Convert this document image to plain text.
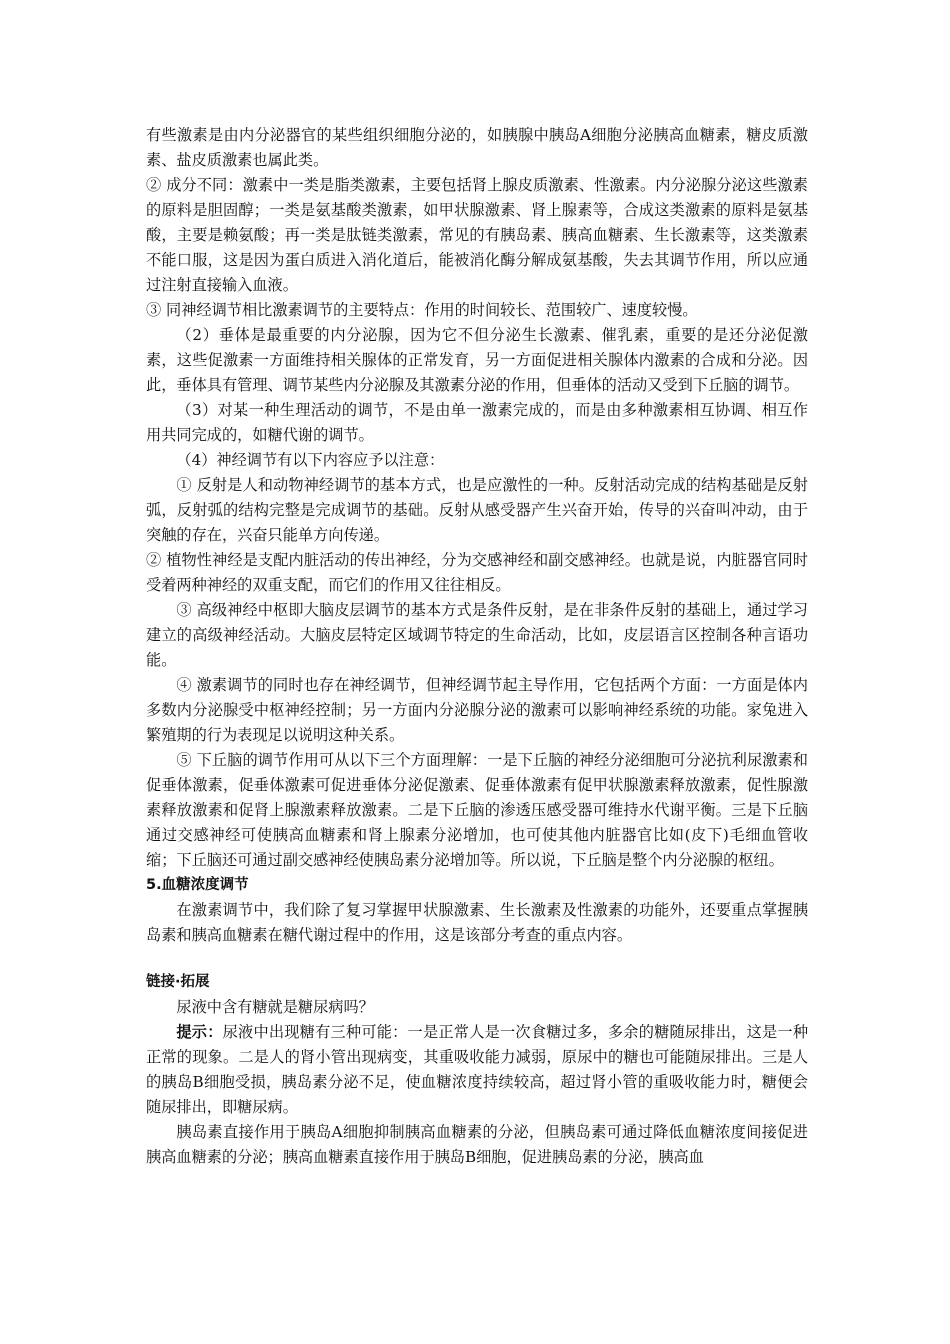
有些激素是由内分泌器官的某些组织细胞分泌的，如胰腺中胰岛A细胞分泌胰高血糖素，糖皮质激素、盐皮质激素也属此类。

② 成分不同：激素中一类是脂类激素，主要包括肾上腺皮质激素、性激素。内分泌腺分泌这些激素的原料是胆固醇；一类是氨基酸类激素，如甲状腺激素、肾上腺素等，合成这类激素的原料是氨基酸，主要是赖氨酸；再一类是肽链类激素，常见的有胰岛素、胰高血糖素、生长激素等，这类激素不能口服，这是因为蛋白质进入消化道后，能被消化酶分解成氨基酸，失去其调节作用，所以应通过注射直接输入血液。

③ 同神经调节相比激素调节的主要特点：作用的时间较长、范围较广、速度较慢。

（2）垂体是最重要的内分泌腺，因为它不但分泌生长激素、催乳素，重要的是还分泌促激素，这些促激素一方面维持相关腺体的正常发育，另一方面促进相关腺体内激素的合成和分泌。因此，垂体具有管理、调节某些内分泌腺及其激素分泌的作用，但垂体的活动又受到下丘脑的调节。

（3）对某一种生理活动的调节，不是由单一激素完成的，而是由多种激素相互协调、相互作用共同完成的，如糖代谢的调节。

（4）神经调节有以下内容应予以注意：

① 反射是人和动物神经调节的基本方式，也是应激性的一种。反射活动完成的结构基础是反射弧，反射弧的结构完整是完成调节的基础。反射从感受器产生兴奋开始，传导的兴奋叫冲动，由于突触的存在，兴奋只能单方向传递。

② 植物性神经是支配内脏活动的传出神经，分为交感神经和副交感神经。也就是说，内脏器官同时受着两种神经的双重支配，而它们的作用又往往相反。

③ 高级神经中枢即大脑皮层调节的基本方式是条件反射，是在非条件反射的基础上，通过学习建立的高级神经活动。大脑皮层特定区域调节特定的生命活动，比如，皮层语言区控制各种言语功能。

④ 激素调节的同时也存在神经调节，但神经调节起主导作用，它包括两个方面：一方面是体内多数内分泌腺受中枢神经控制；另一方面内分泌腺分泌的激素可以影响神经系统的功能。家兔进入繁殖期的行为表现足以说明这种关系。

⑤ 下丘脑的调节作用可从以下三个方面理解：一是下丘脑的神经分泌细胞可分泌抗利尿激素和促垂体激素，促垂体激素可促进垂体分泌促激素、促垂体激素有促甲状腺激素释放激素，促性腺激素释放激素和促肾上腺激素释放激素。二是下丘脑的渗透压感受器可维持水代谢平衡。三是下丘脑通过交感神经可使胰高血糖素和肾上腺素分泌增加，也可使其他内脏器官比如(皮下)毛细血管收缩；下丘脑还可通过副交感神经使胰岛素分泌增加等。所以说，下丘脑是整个内分泌腺的枢纽。

5.血糖浓度调节

在激素调节中，我们除了复习掌握甲状腺激素、生长激素及性激素的功能外，还要重点掌握胰岛素和胰高血糖素在糖代谢过程中的作用，这是该部分考查的重点内容。

链接·拓展

尿液中含有糖就是糖尿病吗？

提示：尿液中出现糖有三种可能：一是正常人是一次食糖过多，多余的糖随尿排出，这是一种正常的现象。二是人的肾小管出现病变，其重吸收能力减弱，原尿中的糖也可能随尿排出。三是人的胰岛B细胞受损，胰岛素分泌不足，使血糖浓度持续较高，超过肾小管的重吸收能力时，糖便会随尿排出，即糖尿病。

胰岛素直接作用于胰岛A细胞抑制胰高血糖素的分泌，但胰岛素可通过降低血糖浓度间接促进胰高血糖素的分泌；胰高血糖素直接作用于胰岛B细胞，促进胰岛素的分泌，胰高血
